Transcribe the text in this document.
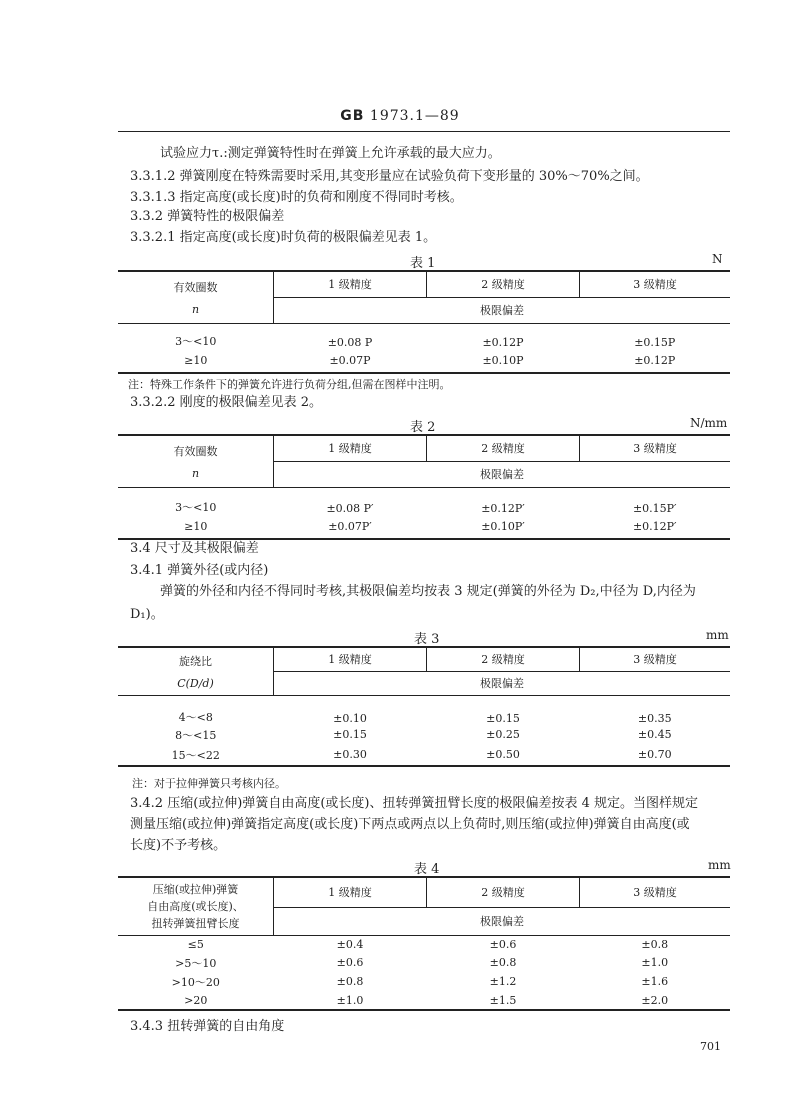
GB 1973.1—89
试验应力τ.:测定弹簧特性时在弹簧上允许承载的最大应力。
3.3.1.2 弹簧刚度在特殊需要时采用,其变形量应在试验负荷下变形量的 30%～70%之间。
3.3.1.3 指定高度(或长度)时的负荷和刚度不得同时考核。
3.3.2 弹簧特性的极限偏差
3.3.2.1 指定高度(或长度)时负荷的极限偏差见表 1。
表 1	N
有效圈数
n	1 级精度	2 级精度	3 级精度
	极限偏差		
3～<10	±0.08 P	±0.12P	±0.15P
≥10	±0.07P	±0.10P	±0.12P
注：特殊工作条件下的弹簧允许进行负荷分组,但需在图样中注明。
3.3.2.2 刚度的极限偏差见表 2。
表 2	N/mm
有效圈数
n	1 级精度	2 级精度	3 级精度
	极限偏差		
3～<10	±0.08 P′	±0.12P′	±0.15P′
≥10	±0.07P′	±0.10P′	±0.12P′
3.4 尺寸及其极限偏差
3.4.1 弹簧外径(或内径)
弹簧的外径和内径不得同时考核,其极限偏差均按表 3 规定(弹簧的外径为 D₂,中径为 D,内径为
D₁)。
表 3	mm
旋绕比
C(D/d)	1 级精度	2 级精度	3 级精度
	极限偏差		
4～<8	±0.10	±0.15	±0.35
8～<15	±0.15	±0.25	±0.45
15～<22	±0.30	±0.50	±0.70
注：对于拉伸弹簧只考核内径。
3.4.2 压缩(或拉伸)弹簧自由高度(或长度)、扭转弹簧扭臂长度的极限偏差按表 4 规定。当图样规定
测量压缩(或拉伸)弹簧指定高度(或长度)下两点或两点以上负荷时,则压缩(或拉伸)弹簧自由高度(或
长度)不予考核。
表 4	mm
压缩(或拉伸)弹簧
自由高度(或长度)、
扭转弹簧扭臂长度	1 级精度	2 级精度	3 级精度
	极限偏差		
≤5	±0.4	±0.6	±0.8
>5～10	±0.6	±0.8	±1.0
>10～20	±0.8	±1.2	±1.6
>20	±1.0	±1.5	±2.0
3.4.3 扭转弹簧的自由角度
701
